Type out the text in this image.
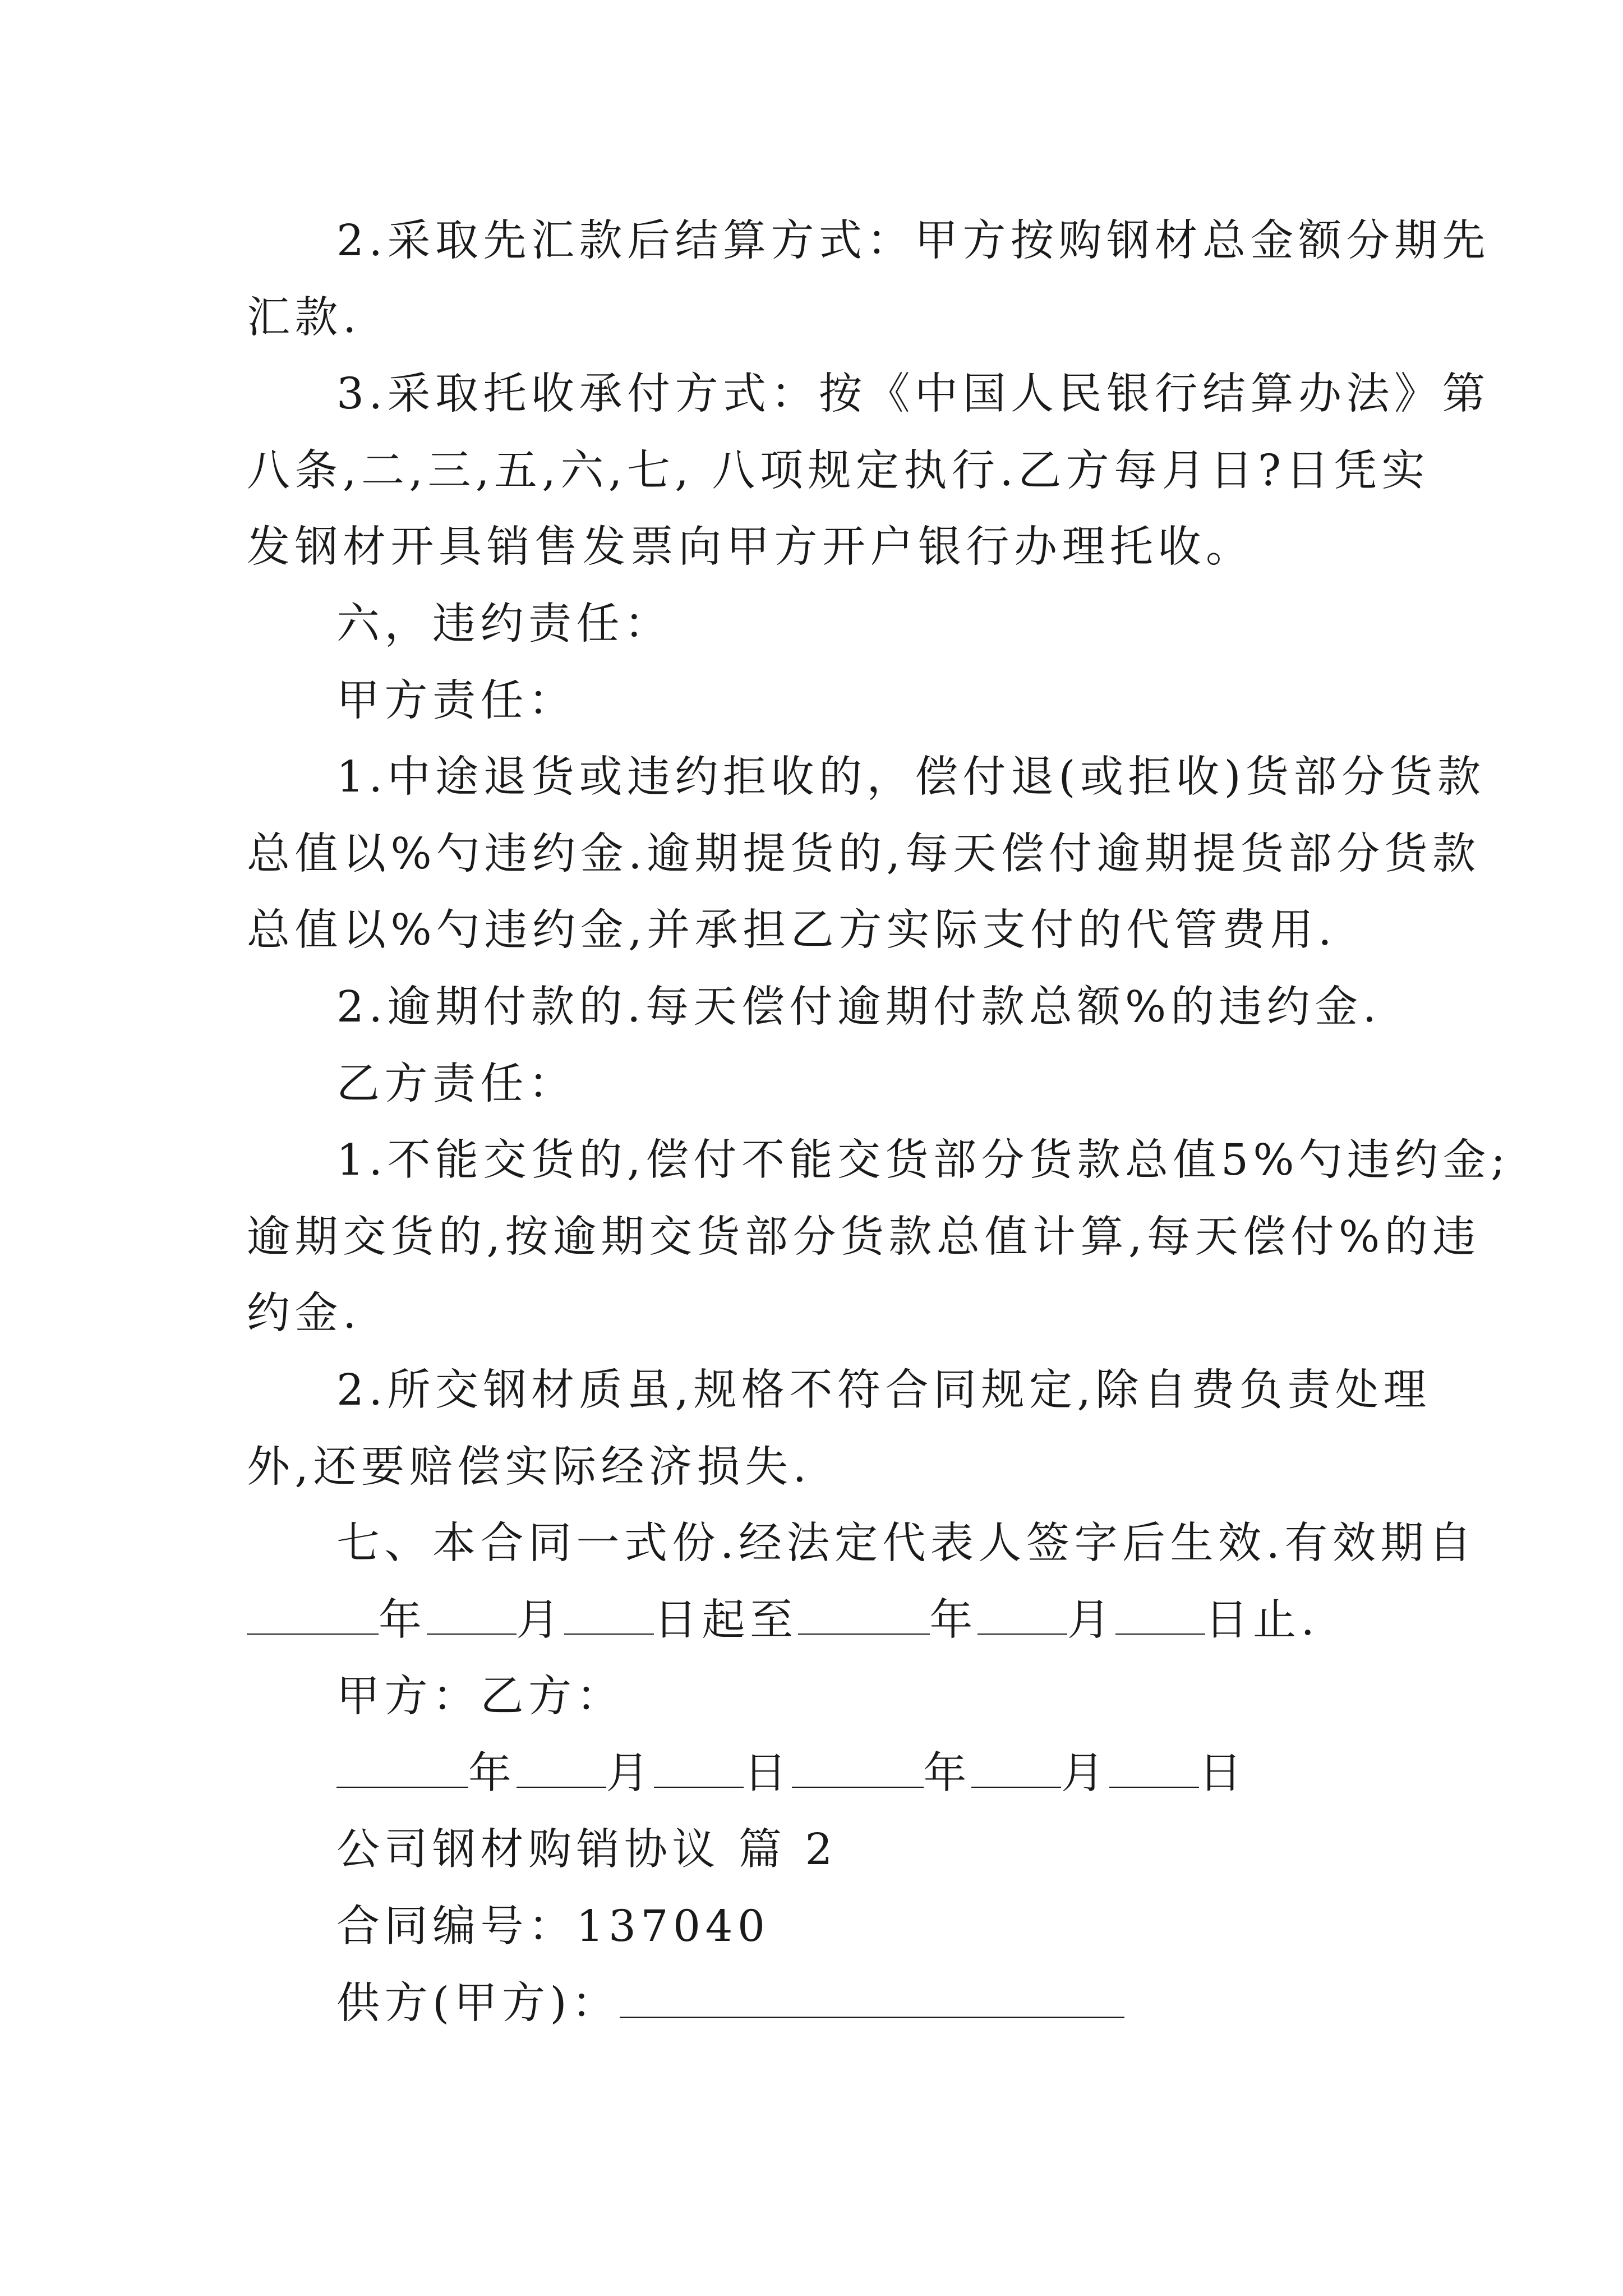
2.采取先汇款后结算方式：甲方按购钢材总金额分期先
汇款.
3.采取托收承付方式：按《中国人民银行结算办法》第
八条,二,三,五,六,七, 八项规定执行.乙方每月日?日凭实
发钢材开具销售发票向甲方开户银行办理托收。
六，违约责任：
甲方责任：
1.中途退货或违约拒收的，偿付退(或拒收)货部分货款
总值以%勺违约金.逾期提货的,每天偿付逾期提货部分货款
总值以%勺违约金,并承担乙方实际支付的代管费用.
2.逾期付款的.每天偿付逾期付款总额%的违约金.
乙方责任：
1.不能交货的,偿付不能交货部分货款总值5%勺违约金;
逾期交货的,按逾期交货部分货款总值计算,每天偿付%的违
约金.
2.所交钢材质虽,规格不符合同规定,除自费负责处理
外,还要赔偿实际经济损失.
七、本合同一式份.经法定代表人签字后生效.有效期自
年 月 日起至	年 月 日止.
甲方：乙方：
年 月 日	年 月 日
公司钢材购销协议 篇 2
合同编号：137040
供方(甲方)：
